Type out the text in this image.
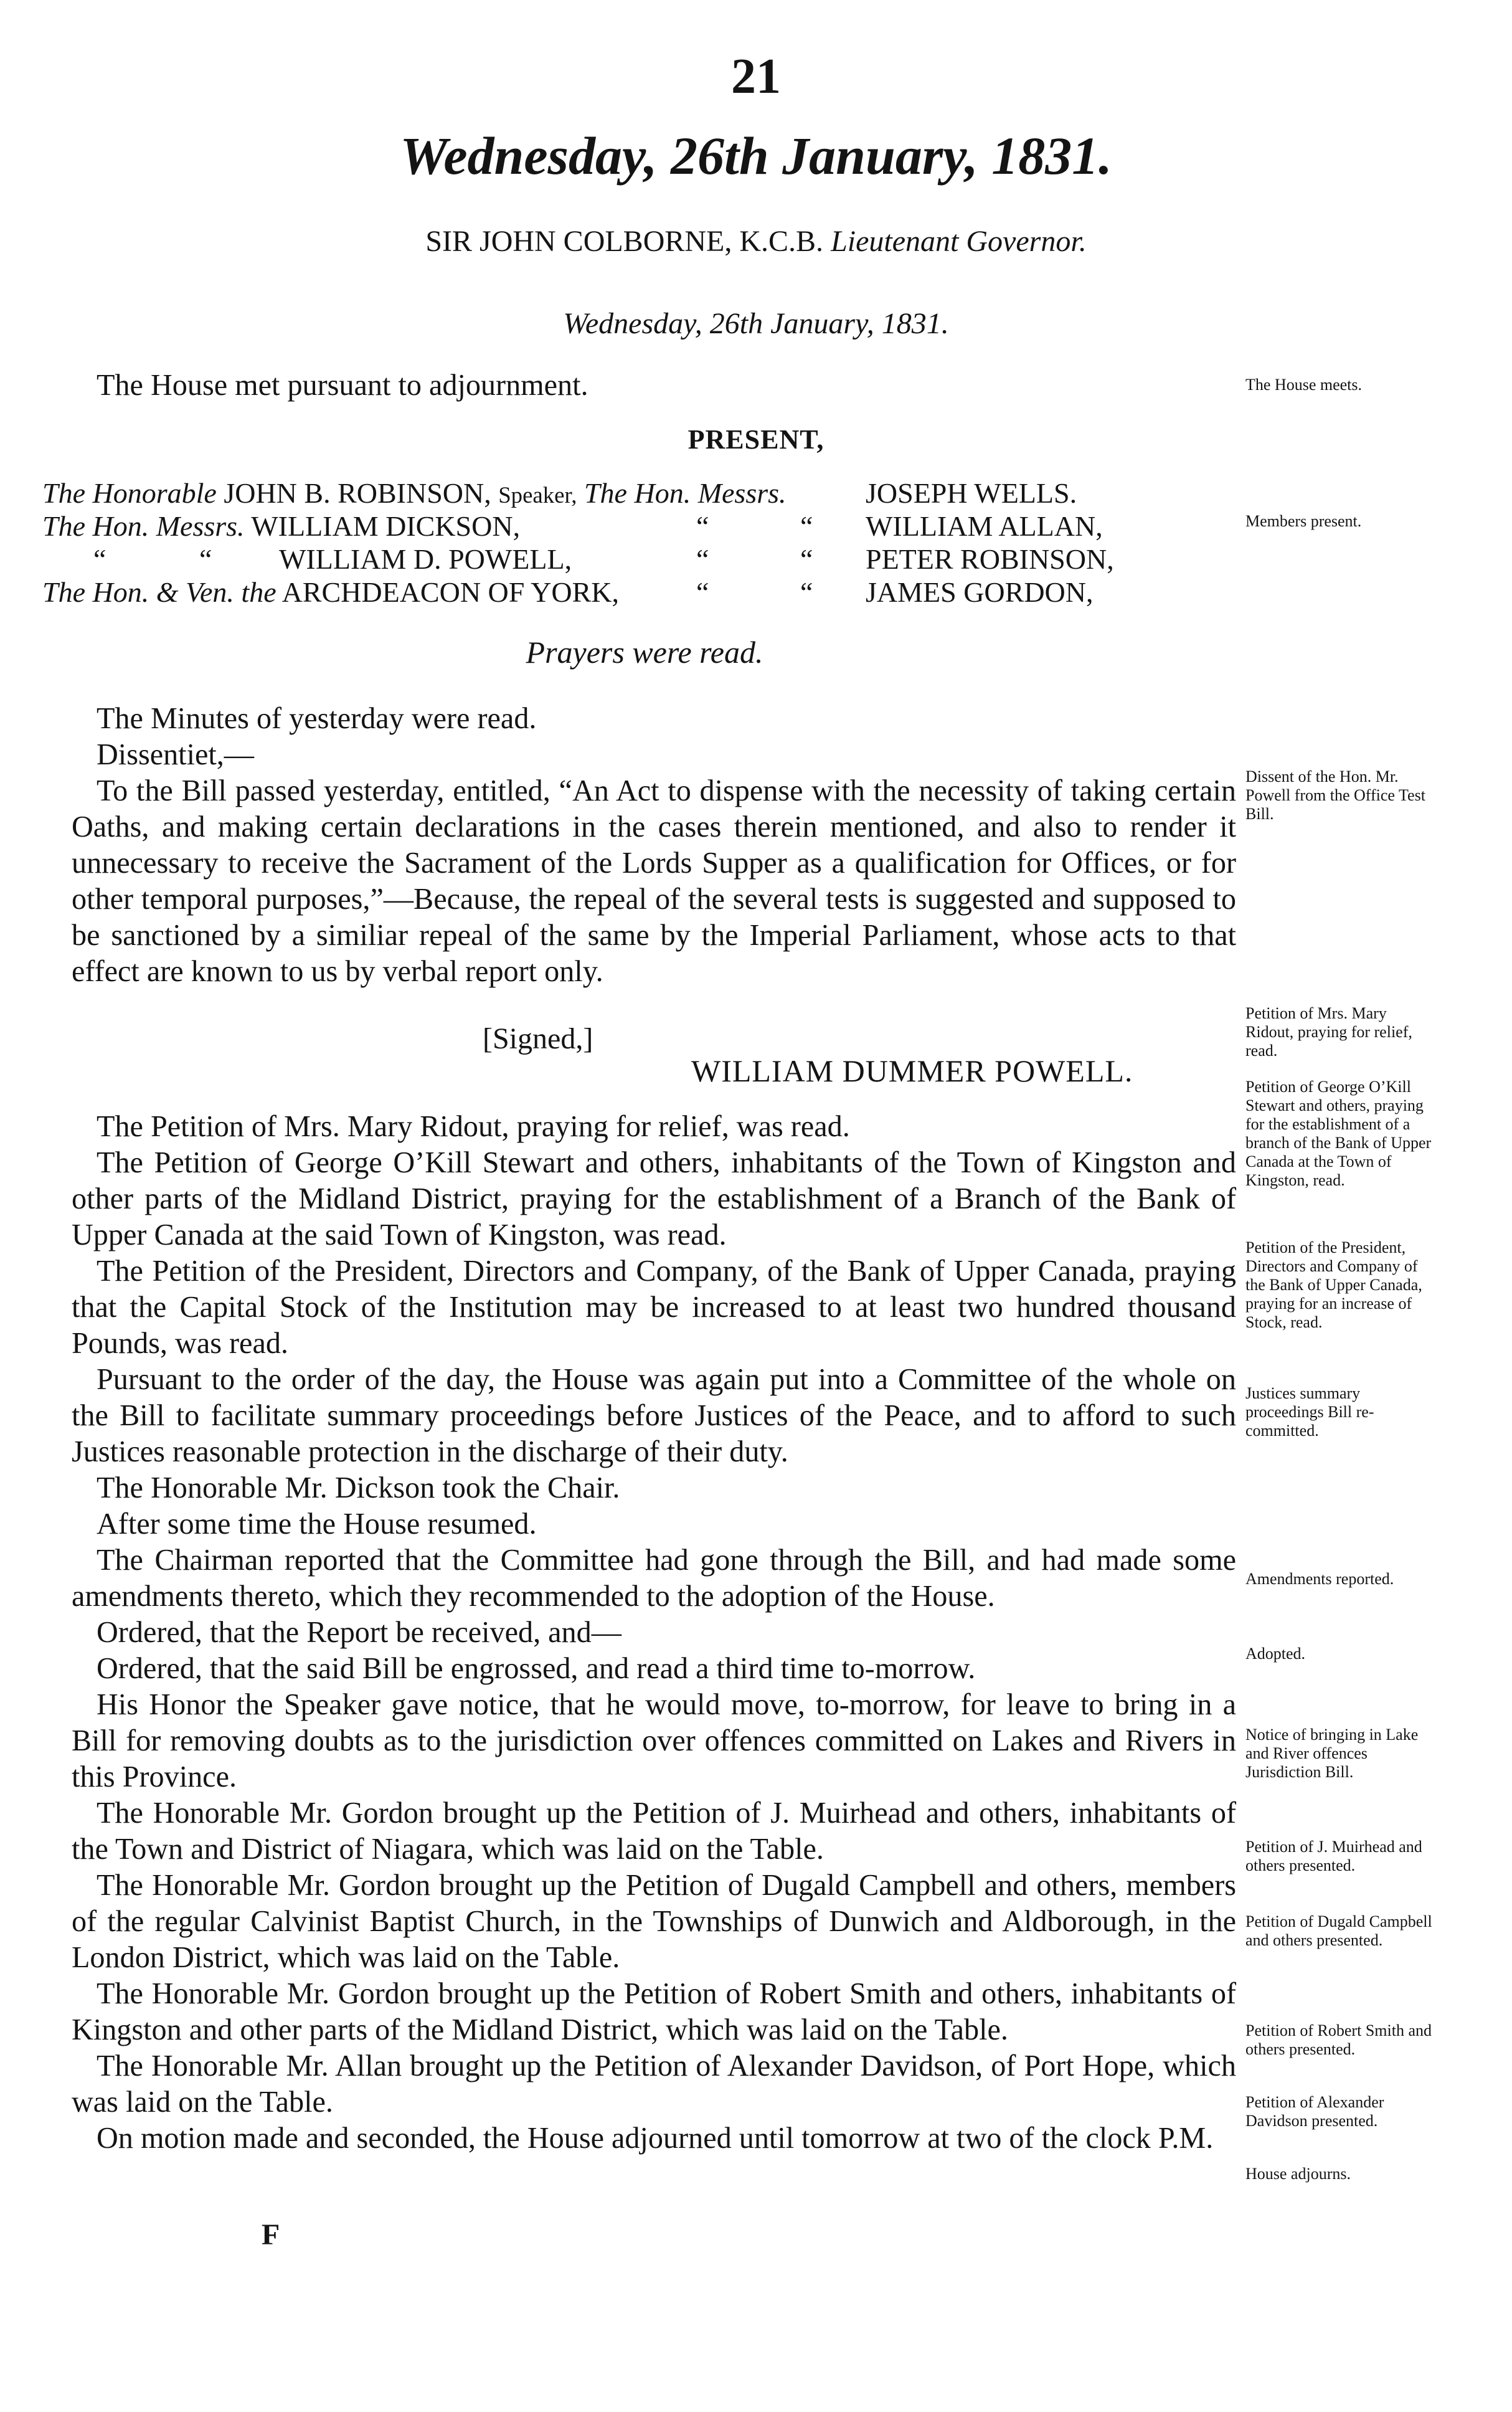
21
Wednesday, 26th January, 1831.
SIR JOHN COLBORNE, K.C.B. Lieutenant Governor.
Wednesday, 26th January, 1831.
The House met pursuant to adjournment.	The House meets.
PRESENT,
The Honorable JOHN B. ROBINSON, Speaker, The Hon. Messrs.	JOSEPH WELLS.
The Hon. Messrs. WILLIAM DICKSON,	“	“ WILLIAM ALLAN,
“	“ WILLIAM D. POWELL,	“	“ PETER ROBINSON,
The Hon. & Ven. the ARCHDEACON OF YORK,	“	“ JAMES GORDON,
Members present.
Prayers were read.
The Minutes of yesterday were read.
Dissentiet,—
To the Bill passed yesterday, entitled, “An Act to dispense with the necessity of taking certain Oaths, and making certain declarations in the cases therein mentioned, and also to render it unnecessary to receive the Sacrament of the Lords Supper as a qualification for Offices, or for other temporal purposes,”—Because, the repeal of the several tests is suggested and supposed to be sanctioned by a similiar repeal of the same by the Imperial Parliament, whose acts to that effect are known to us by verbal report only.
Dissent of the Hon. Mr. Powell from the Office Test Bill.
[Signed,]
WILLIAM DUMMER POWELL.
The Petition of Mrs. Mary Ridout, praying for relief, was read.
The Petition of George O’Kill Stewart and others, inhabitants of the Town of Kingston and other parts of the Midland District, praying for the establishment of a Branch of the Bank of Upper Canada at the said Town of Kingston, was read.
The Petition of the President, Directors and Company, of the Bank of Upper Canada, praying that the Capital Stock of the Institution may be increased to at least two hundred thousand Pounds, was read.
Pursuant to the order of the day, the House was again put into a Committee of the whole on the Bill to facilitate summary proceedings before Justices of the Peace, and to afford to such Justices reasonable protection in the discharge of their duty.
The Honorable Mr. Dickson took the Chair.
After some time the House resumed.
The Chairman reported that the Committee had gone through the Bill, and had made some amendments thereto, which they recommended to the adoption of the House.
Ordered, that the Report be received, and—
Ordered, that the said Bill be engrossed, and read a third time to-morrow.
His Honor the Speaker gave notice, that he would move, to-morrow, for leave to bring in a Bill for removing doubts as to the jurisdiction over offences committed on Lakes and Rivers in this Province.
The Honorable Mr. Gordon brought up the Petition of J. Muirhead and others, inhabitants of the Town and District of Niagara, which was laid on the Table.
The Honorable Mr. Gordon brought up the Petition of Dugald Campbell and others, members of the regular Calvinist Baptist Church, in the Townships of Dunwich and Aldborough, in the London District, which was laid on the Table.
The Honorable Mr. Gordon brought up the Petition of Robert Smith and others, inhabitants of Kingston and other parts of the Midland District, which was laid on the Table.
The Honorable Mr. Allan brought up the Petition of Alexander Davidson, of Port Hope, which was laid on the Table.
On motion made and seconded, the House adjourned until tomorrow at two of the clock P.M.
Petition of Mrs. Mary Ridout, praying for relief, read.
Petition of George O’Kill Stewart and others, praying for the establishment of a branch of the Bank of Upper Canada at the Town of Kingston, read.
Petition of the President, Directors and Company of the Bank of Upper Canada, praying for an increase of Stock, read.
Justices summary proceedings Bill re-committed.
Amendments reported.
Adopted.
Notice of bringing in Lake and River offences Jurisdiction Bill.
Petition of J. Muirhead and others presented.
Petition of Dugald Campbell and others presented.
Petition of Robert Smith and others presented.
Petition of Alexander Davidson presented.
House adjourns.
F
